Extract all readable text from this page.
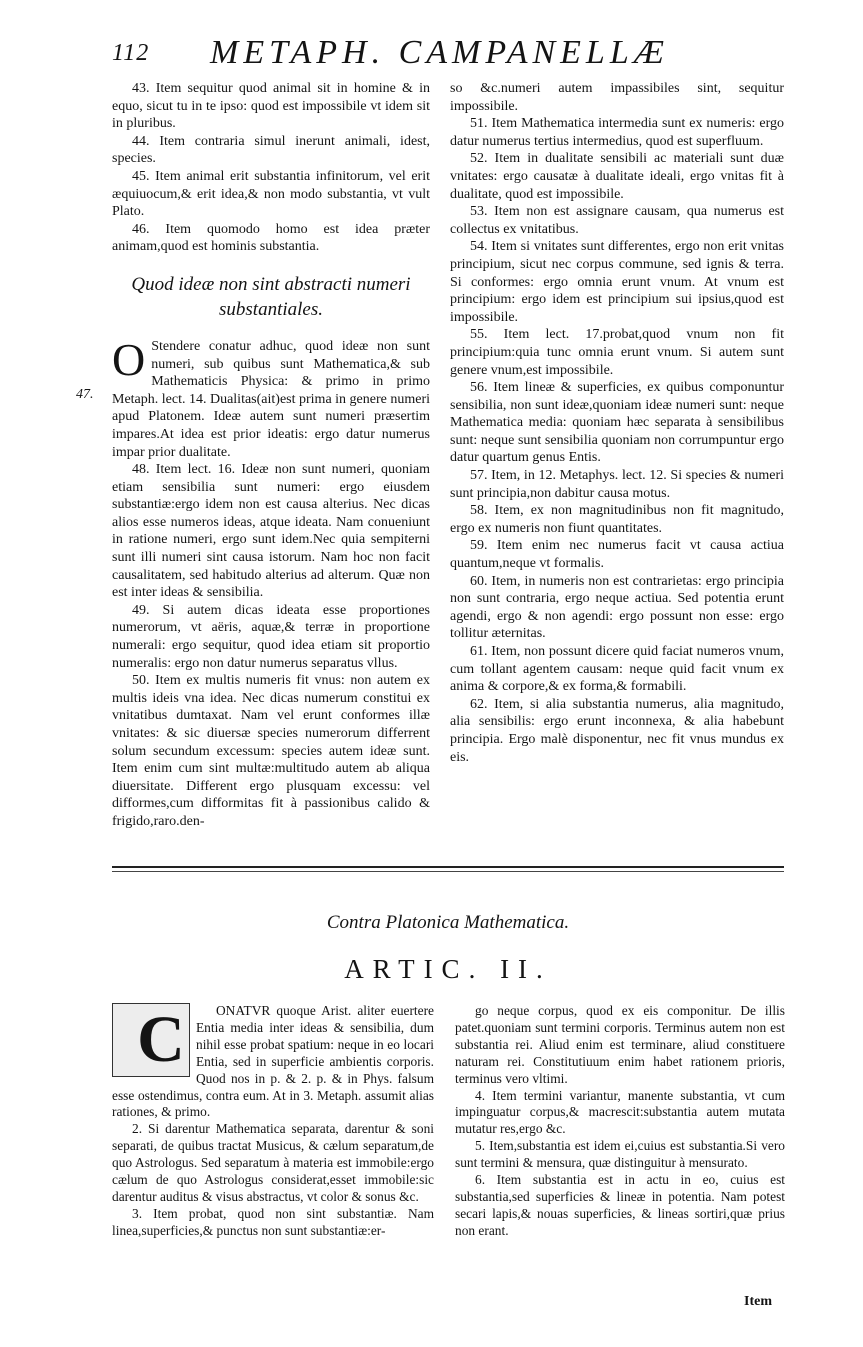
112 METAPH. CAMPANELLÆ
47.

43. Item sequitur quod animal sit in homine & in equo, sicut tu in te ipso: quod est impossibile vt idem sit in pluribus.

44. Item contraria simul inerunt animali, idest, species.

45. Item animal erit substantia infinitorum, vel erit æquiuocum,& erit idea,& non modo substantia, vt vult Plato.

46. Item quomodo homo est idea præter animam,quod est hominis substantia.

Quod ideæ non sint abstracti numeri
substantiales.

O Stendere conatur adhuc, quod ideæ non sunt numeri, sub quibus sunt Mathematica,& sub Mathematicis Physica: & primo in primo Metaph. lect. 14. Dualitas(ait)est prima in genere numeri apud Platonem. Ideæ autem sunt numeri præsertim impares.At idea est prior ideatis: ergo datur numerus impar prior dualitate.

48. Item lect. 16. Ideæ non sunt numeri, quoniam etiam sensibilia sunt numeri: ergo eiusdem substantiæ:ergo idem non est causa alterius. Nec dicas alios esse numeros ideas, atque ideata. Nam conueniunt in ratione numeri, ergo sunt idem.Nec quia sempiterni sunt illi numeri sint causa istorum. Nam hoc non facit causalitatem, sed habitudo alterius ad alterum. Quæ non est inter ideas & sensibilia.

49. Si autem dicas ideata esse proportiones numerorum, vt aëris, aquæ,& terræ in proportione numerali: ergo sequitur, quod idea etiam sit proportio numeralis: ergo non datur numerus separatus vllus.

50. Item ex multis numeris fit vnus: non autem ex multis ideis vna idea. Nec dicas numerum constitui ex vnitatibus dumtaxat. Nam vel erunt conformes illæ vnitates: & sic diuersæ species numerorum differrent solum secundum excessum: species autem ideæ sunt. Item enim cum sint multæ:multitudo autem ab aliqua diuersitate. Different ergo plusquam excessu: vel difformes,cum difformitas fit à passionibus calido & frigido,raro.den-

so &c.numeri autem impassibiles sint, sequitur impossibile.

51. Item Mathematica intermedia sunt ex numeris: ergo datur numerus tertius intermedius, quod est superfluum.

52. Item in dualitate sensibili ac materiali sunt duæ vnitates: ergo causatæ à dualitate ideali, ergo vnitas fit à dualitate, quod est impossibile.

53. Item non est assignare causam, qua numerus est collectus ex vnitatibus.

54. Item si vnitates sunt differentes, ergo non erit vnitas principium, sicut nec corpus commune, sed ignis & terra. Si conformes: ergo omnia erunt vnum. At vnum est principium: ergo idem est principium sui ipsius,quod est impossibile.

55. Item lect. 17.probat,quod vnum non fit principium:quia tunc omnia erunt vnum. Si autem sunt genere vnum,est impossibile.

56. Item lineæ & superficies, ex quibus componuntur sensibilia, non sunt ideæ,quoniam ideæ numeri sunt: neque Mathematica media: quoniam hæc separata à sensibilibus sunt: neque sunt sensibilia quoniam non corrumpuntur ergo datur quartum genus Entis.

57. Item, in 12. Metaphys. lect. 12. Si species & numeri sunt principia,non dabitur causa motus.

58. Item, ex non magnitudinibus non fit magnitudo, ergo ex numeris non fiunt quantitates.

59. Item enim nec numerus facit vt causa actiua quantum,neque vt formalis.

60. Item, in numeris non est contrarietas: ergo principia non sunt contraria, ergo neque actiua. Sed potentia erunt agendi, ergo & non agendi: ergo possunt non esse: ergo tollitur æternitas.

61. Item, non possunt dicere quid faciat numeros vnum, cum tollant agentem causam: neque quid facit vnum ex anima & corpore,& ex forma,& formabili.

62. Item, si alia substantia numerus, alia magnitudo, alia sensibilis: ergo erunt inconnexa, & alia habebunt principia. Ergo malè disponentur, nec fit vnus mundus ex eis.

Contra Platonica Mathematica.
ARTIC. II.

C	ONATVR quoque Arist. aliter euertere Entia media inter ideas & sensibilia, dum nihil esse probat spatium: neque in eo locari Entia, sed in superficie ambientis corporis. Quod nos in p. & 2. p. & in Phys. falsum esse ostendimus, contra eum. At in 3. Metaph. assumit alias rationes, & primo.

2. Si darentur Mathematica separata, darentur & soni separati, de quibus tractat Musicus, & cælum separatum,de quo Astrologus. Sed separatum à materia est immobile:ergo cælum de quo Astrologus considerat,esset immobile:sic darentur auditus & visus abstractus, vt color & sonus &c.

3. Item probat, quod non sint substantiæ. Nam linea,superficies,& punctus non sunt substantiæ:er-

go neque corpus, quod ex eis componitur. De illis patet.quoniam sunt termini corporis. Terminus autem non est substantia rei. Aliud enim est terminare, aliud constituere naturam rei. Constitutiuum enim habet rationem prioris, terminus vero vltimi.

4. Item termini variantur, manente substantia, vt cum impinguatur corpus,& macrescit:substantia autem mutata mutatur res,ergo &c.

5. Item,substantia est idem ei,cuius est substantia.Si vero sunt termini & mensura, quæ distinguitur à mensurato.

6. Item substantia est in actu in eo, cuius est substantia,sed superficies & lineæ in potentia. Nam potest secari lapis,& nouas superficies, & lineas sortiri,quæ prius non erant.

Item
